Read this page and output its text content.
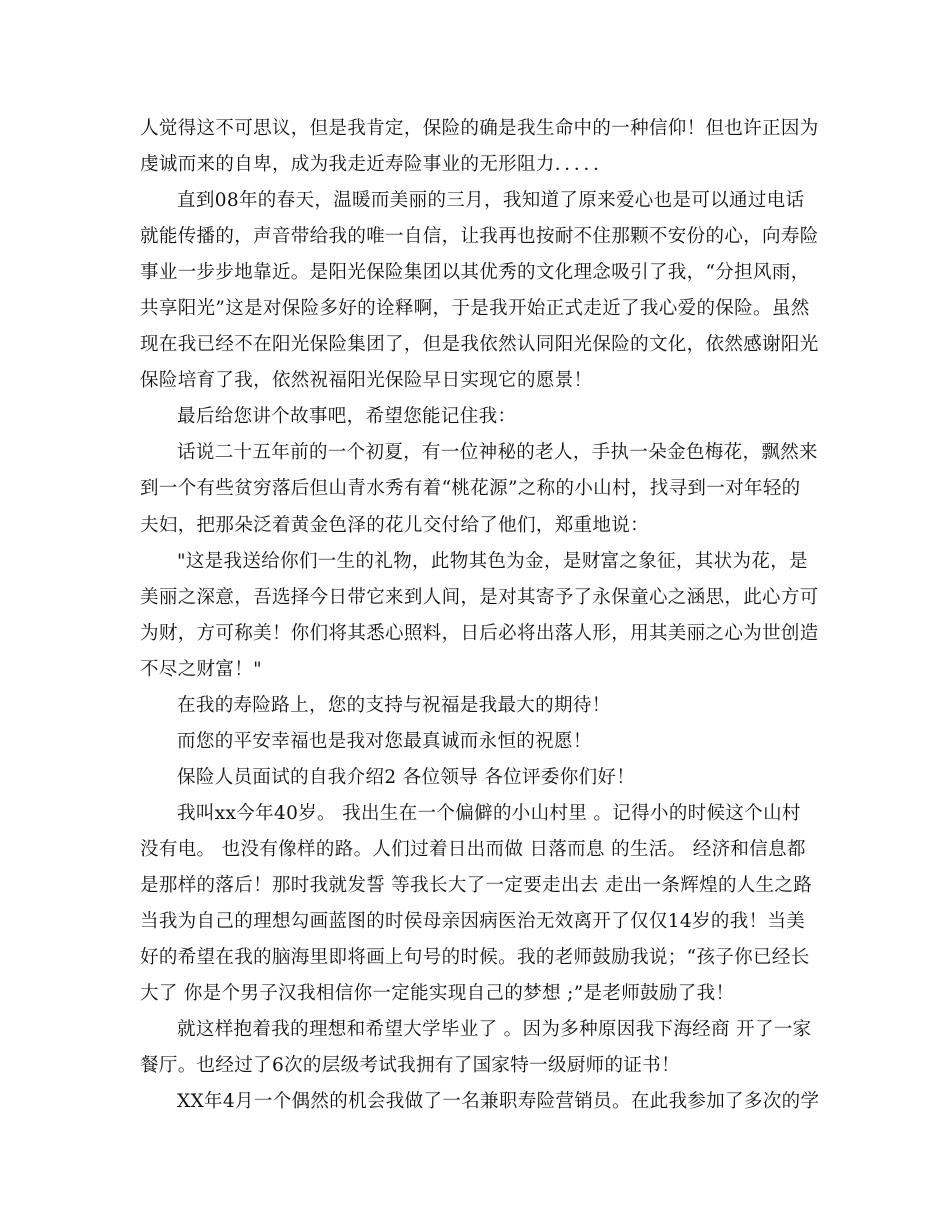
人觉得这不可思议，但是我肯定，保险的确是我生命中的一种信仰！但也许正因为
虔诚而来的自卑，成为我走近寿险事业的无形阻力．．．．．
直到08年的春天，温暖而美丽的三月，我知道了原来爱心也是可以通过电话
就能传播的，声音带给我的唯一自信，让我再也按耐不住那颗不安份的心，向寿险
事业一步步地靠近。是阳光保险集团以其优秀的文化理念吸引了我，“分担风雨，
共享阳光”这是对保险多好的诠释啊，于是我开始正式走近了我心爱的保险。虽然
现在我已经不在阳光保险集团了，但是我依然认同阳光保险的文化，依然感谢阳光
保险培育了我，依然祝福阳光保险早日实现它的愿景！
最后给您讲个故事吧，希望您能记住我：
话说二十五年前的一个初夏，有一位神秘的老人，手执一朵金色梅花，飘然来
到一个有些贫穷落后但山青水秀有着“桃花源”之称的小山村，找寻到一对年轻的
夫妇，把那朵泛着黄金色泽的花儿交付给了他们，郑重地说：
"这是我送给你们一生的礼物，此物其色为金，是财富之象征，其状为花，是
美丽之深意，吾选择今日带它来到人间，是对其寄予了永保童心之涵思，此心方可
为财，方可称美！你们将其悉心照料，日后必将出落人形，用其美丽之心为世创造
不尽之财富！"
在我的寿险路上，您的支持与祝福是我最大的期待！
而您的平安幸福也是我对您最真诚而永恒的祝愿！
保险人员面试的自我介绍2 各位领导 各位评委你们好！
我叫xx今年40岁。 我出生在一个偏僻的小山村里 。记得小的时候这个山村
没有电。 也没有像样的路。人们过着日出而做 日落而息 的生活。 经济和信息都
是那样的落后！那时我就发誓 等我长大了一定要走出去 走出一条辉煌的人生之路
当我为自己的理想勾画蓝图的时侯母亲因病医治无效离开了仅仅14岁的我！当美
好的希望在我的脑海里即将画上句号的时候。我的老师鼓励我说；“孩子你已经长
大了 你是个男子汉我相信你一定能实现自己的梦想 ;”是老师鼓励了我！
就这样抱着我的理想和希望大学毕业了 。因为多种原因我下海经商 开了一家
餐厅。也经过了6次的层级考试我拥有了国家特一级厨师的证书！
XX年4月一个偶然的机会我做了一名兼职寿险营销员。在此我参加了多次的学
